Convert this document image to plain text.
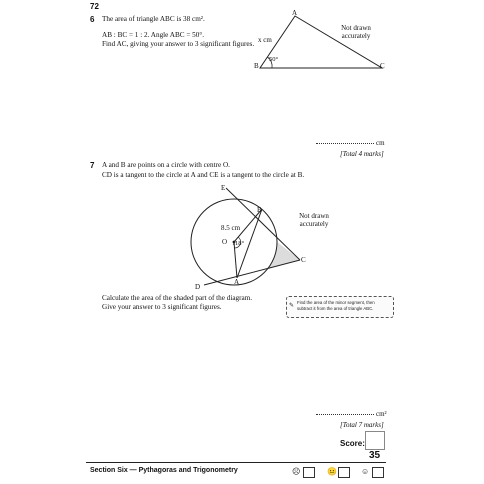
72
6 The area of triangle ABC is 38 cm².
AB : BC = 1 : 2. Angle ABC = 50°.
Find AC, giving your answer to 3 significant figures.
A
B	C
x cm
50°
Not drawn
accurately
cm
[Total 4 marks]
7 A and B are points on a circle with centre O.
CD is a tangent to the circle at A and CE is a tangent to the circle at B.
E
B
8.5 cm
O 118°
A
D
C
Not drawn
accurately
Calculate the area of the shaded part of the diagram.
Give your answer to 3 significant figures.	✎
Find the area of the minor segment, then subtract it from the area of triangle ABC.
cm²
[Total 7 marks]
Score:
35
Section Six — Pythagoras and Trigonometry	☹	😐	☺
